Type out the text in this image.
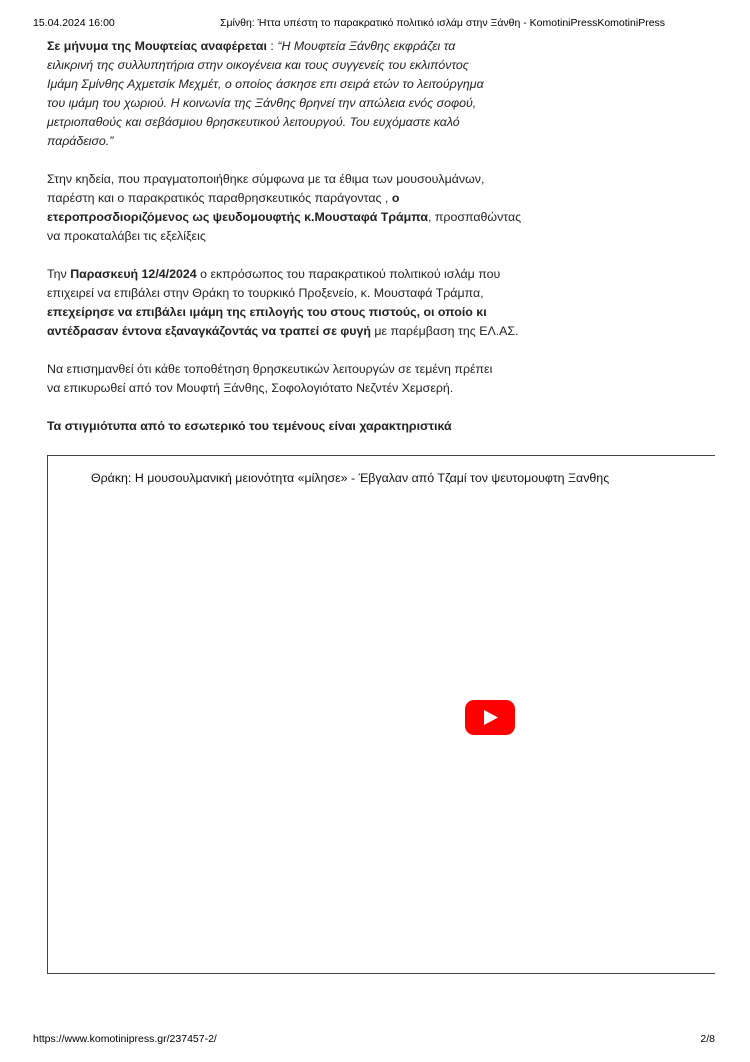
15.04.2024 16:00	Σμίνθη: Ήττα υπέστη το παρακρατικό πολιτικό ισλάμ στην Ξάνθη - KomotiniPressKomotiniPress

Σε μήνυμα της Μουφτείας αναφέρεται : “Η Μουφτεία Ξάνθης εκφράζει τα
ειλικρινή της συλλυπητήρια στην οικογένεια και τους συγγενείς του εκλιπόντος
Ιμάμη Σμίνθης Αχμετσίκ Μεχμέτ, ο οποίος άσκησε επι σειρά ετών το λειτούργημα
του ιμάμη του χωριού. Η κοινωνία της Ξάνθης θρηνεί την απώλεια ενός σοφού,
μετριοπαθούς και σεβάσμιου θρησκευτικού λειτουργού. Του ευχόμαστε καλό
παράδεισο.”

Στην κηδεία, που πραγματοποιήθηκε σύμφωνα με τα έθιμα των μουσουλμάνων,
παρέστη και ο παρακρατικός παραθρησκευτικός παράγοντας , ο
ετεροπροσδιοριζόμενος ως ψευδομουφτής κ.Μουσταφά Τράμπα, προσπαθώντας
να προκαταλάβει τις εξελίξεις

Την Παρασκευή 12/4/2024 ο εκπρόσωπος του παρακρατικού πολιτικού ισλάμ που
επιχειρεί να επιβάλει στην Θράκη το τουρκικό Προξενείο, κ. Μουσταφά Τράμπα,
επεχείρησε να επιβάλει ιμάμη της επιλογής του στους πιστούς, οι οποίο κι
αντέδρασαν έντονα εξαναγκάζοντάς να τραπεί σε φυγή με παρέμβαση της ΕΛ.ΑΣ.

Να επισημανθεί ότι κάθε τοποθέτηση θρησκευτικών λειτουργών σε τεμένη πρέπει
να επικυρωθεί από τον Μουφτή Ξάνθης, Σοφολογιότατο Νεζντέν Χεμσερή.

Τα στιγμιότυπα από το εσωτερικό του τεμένους είναι χαρακτηριστικά

Θράκη: Η μουσουλμανική μειονότητα «μίλησε» - Έβγαλαν από Τζαμί τον ψευτομουφτη Ξανθης
https://www.komotinipress.gr/237457-2/	2/8
